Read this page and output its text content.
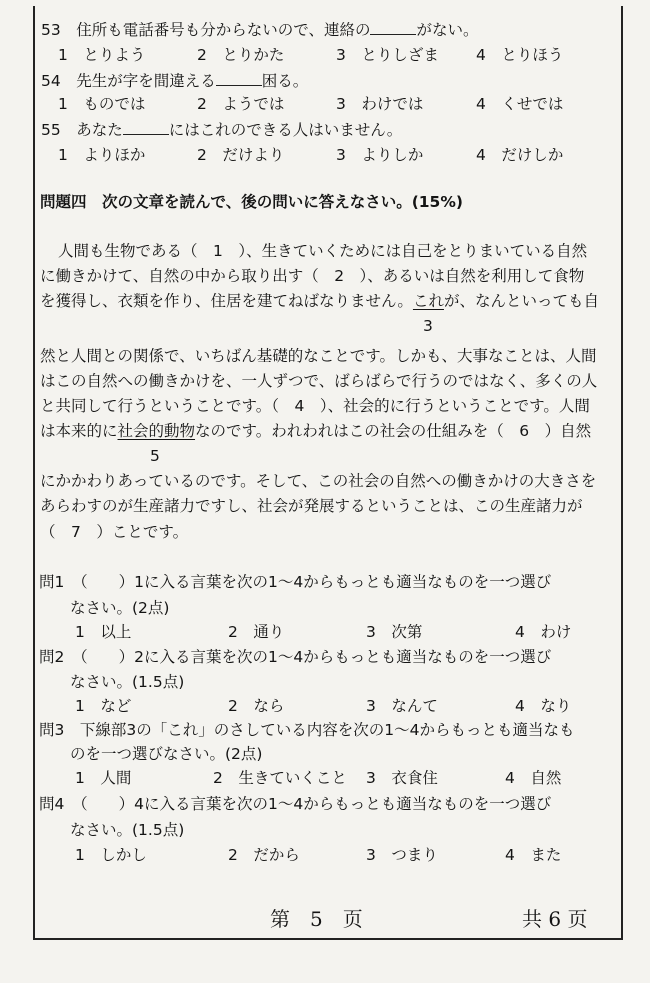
53　 住所も電話番号も分からないので、連絡の	がない。
1　 とりよう	2　 とりかた	3　 とりしざま 4　 とりほう
54　 先生が字を間違える	困る。
1　 ものでは	2　 ようでは	3　 わけでは	4　 くせでは
55　 あなた	にはこれのできる人はいません。
1　 よりほか	2　 だけより	3　 よりしか	4　 だけしか
問題四　次の文章を読んで、後の問いに答えなさい。(15%)
人間も生物である（　1　）、生きていくためには自己をとりまいている自然
に働きかけて、自然の中から取り出す（　2　）、あるいは自然を利用して食物
を獲得し、衣類を作り、住居を建てねばなりません。これが、なんといっても自
3
然と人間との関係で、いちばん基礎的なことです。しかも、大事なことは、人間
はこの自然への働きかけを、一人ずつで、ばらばらで行うのではなく、多くの人
と共同して行うということです。（　4　）、社会的に行うということです。人間
は本来的に社会的動物なのです。われわれはこの社会の仕組みを（　6　）自然
5
にかかわりあっているのです。そして、この社会の自然への働きかけの大きさを
あらわすのが生産諸力ですし、社会が発展するということは、この生産諸力が
（　7　）ことです。
問1　 （　　）1に入る言葉を次の1～4からもっとも適当なものを一つ選び
なさい。(2点)
1　 以上	2　 通り	3　 次第	4　 わけ
問2　 （　　）2に入る言葉を次の1～4からもっとも適当なものを一つ選び
なさい。(1.5点)
1　 など	2　 なら	3　 なんて	4　 なり
問3　 下線部3の「これ」のさしている内容を次の1～4からもっとも適当なも
のを一つ選びなさい。(2点)
1　 人間	2　 生きていくこと 3　 衣食住	4　 自然
問4　 （　　）4に入る言葉を次の1～4からもっとも適当なものを一つ選び
なさい。(1.5点)
1　 しかし	2　 だから	3　 つまり	4　 また
第　5　页	共 6 页
